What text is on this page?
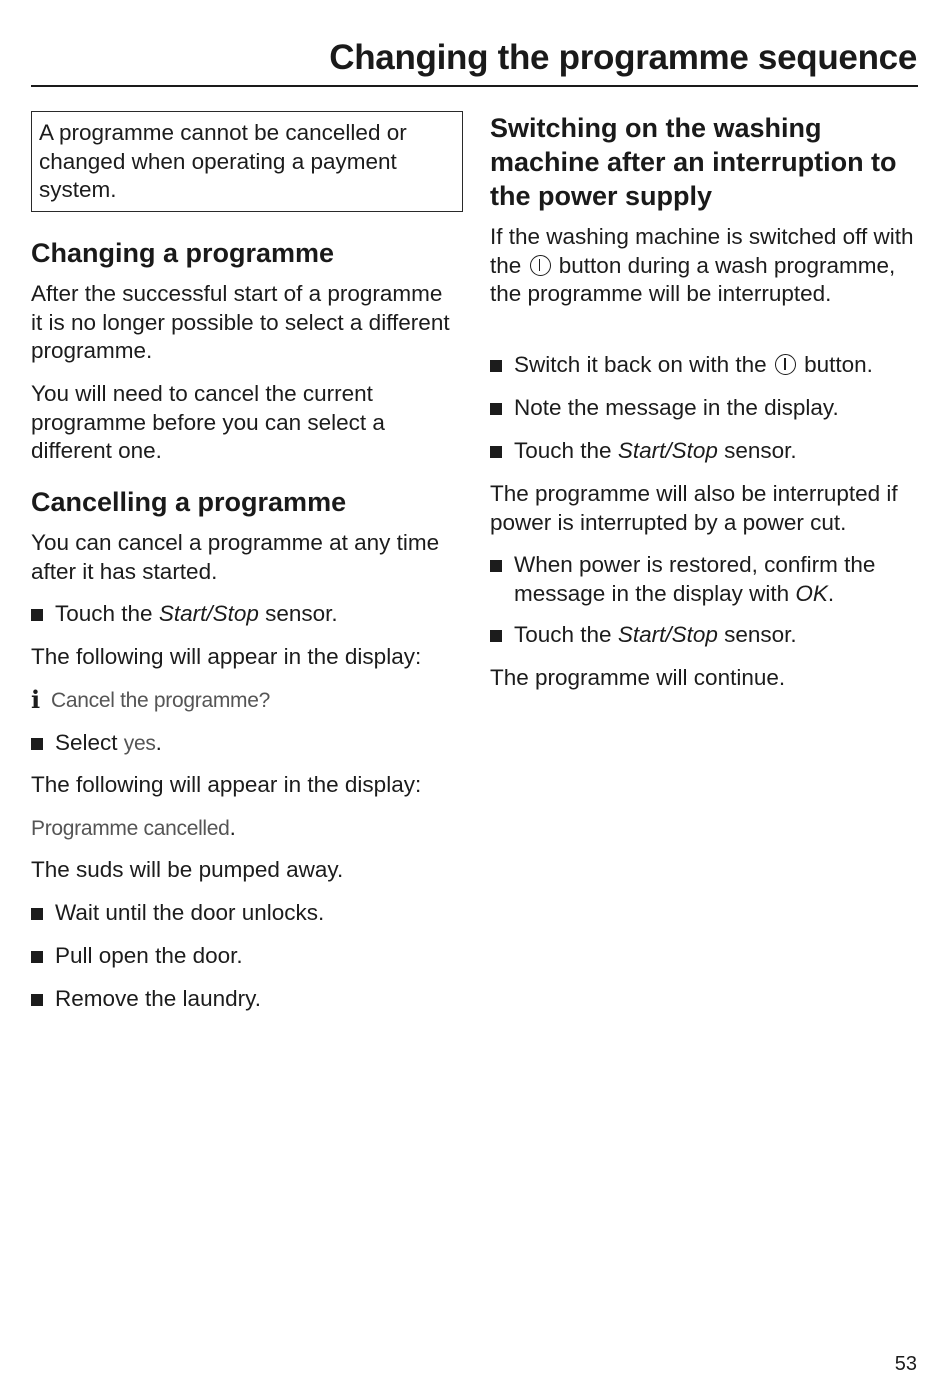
Changing the programme sequence
A programme cannot be cancelled or changed when operating a payment system.
Changing a programme
After the successful start of a programme it is no longer possible to select a different programme.
You will need to cancel the current programme before you can select a different one.
Cancelling a programme
You can cancel a programme at any time after it has started.
Touch the Start/Stop sensor.
The following will appear in the display:
i Cancel the programme?
Select yes.
The following will appear in the display:
Programme cancelled.
The suds will be pumped away.
Wait until the door unlocks.
Pull open the door.
Remove the laundry.
Switching on the washing machine after an interruption to the power supply
If the washing machine is switched off with the  button during a wash programme, the programme will be interrupted.
Switch it back on with the  button.
Note the message in the display.
Touch the Start/Stop sensor.
The programme will also be interrupted if power is interrupted by a power cut.
When power is restored, confirm the message in the display with OK.
Touch the Start/Stop sensor.
The programme will continue.
53
